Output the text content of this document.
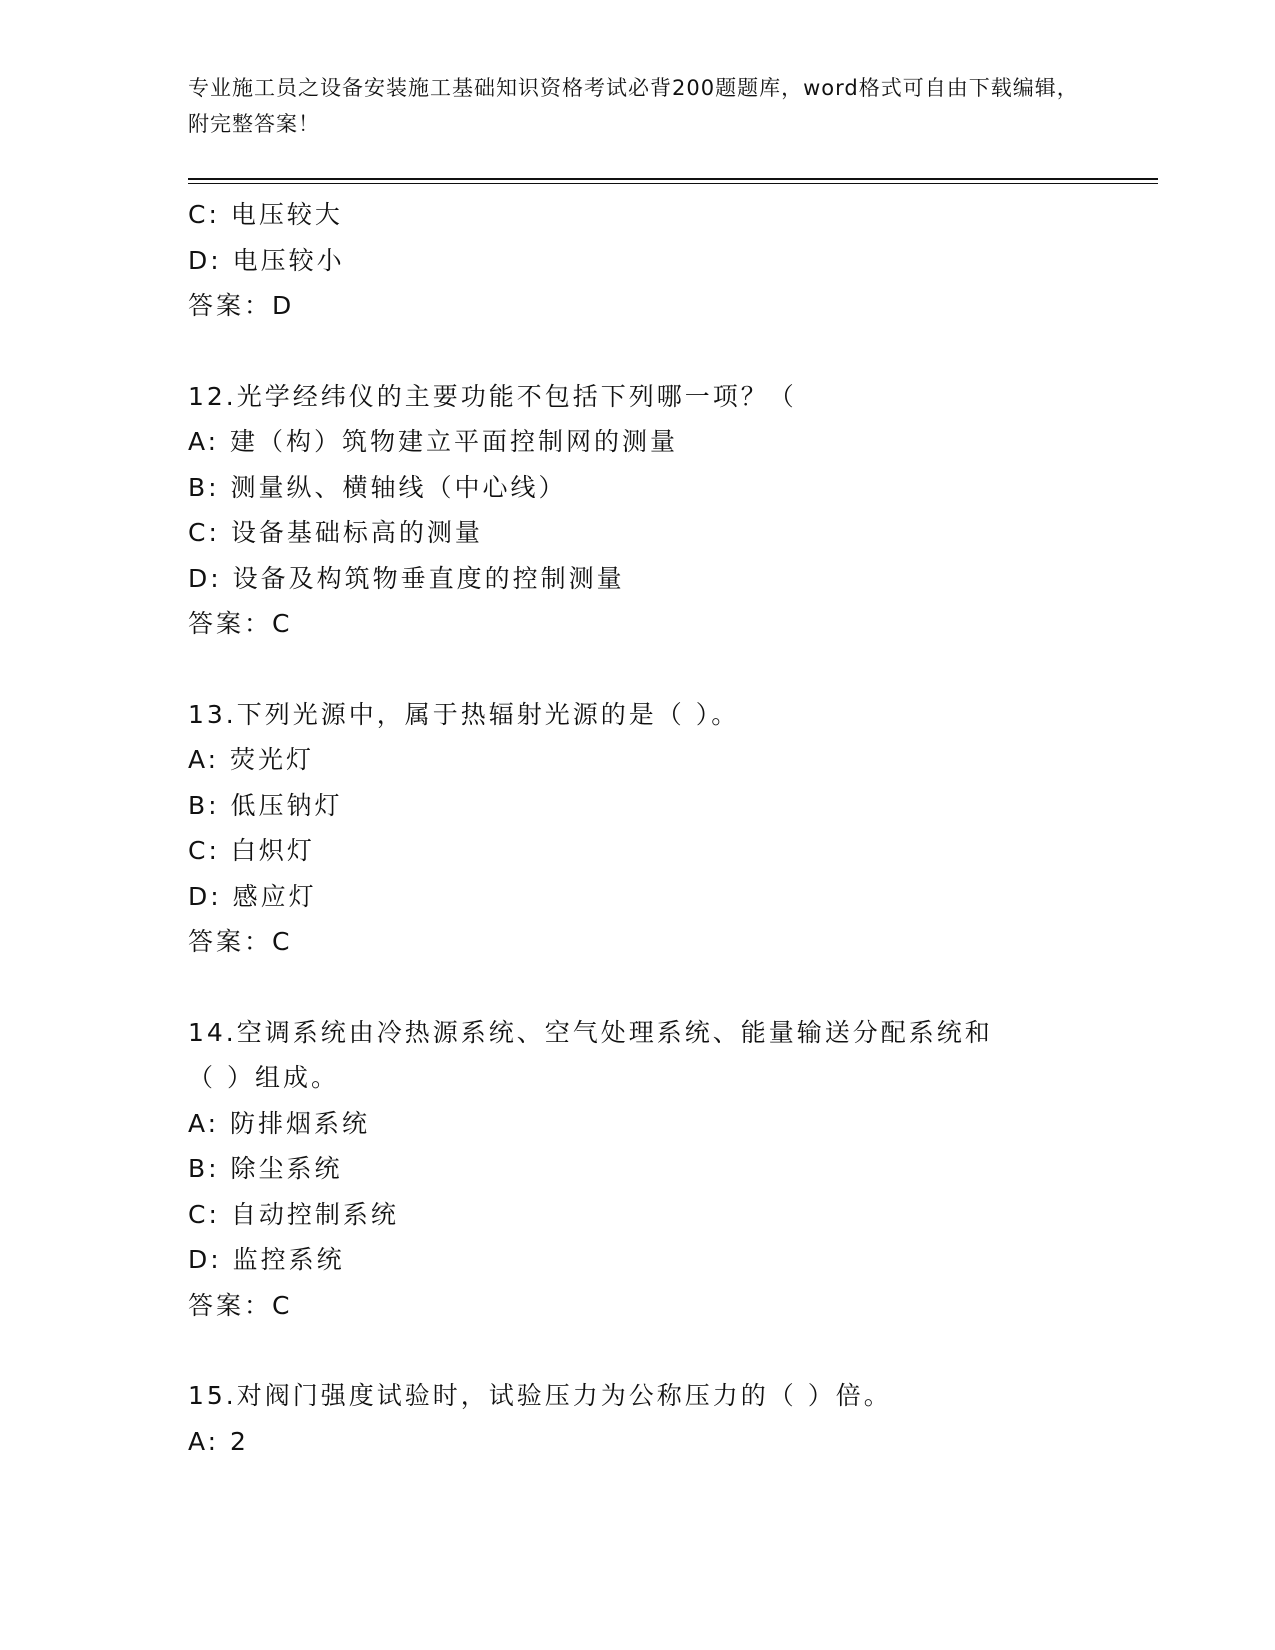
专业施工员之设备安装施工基础知识资格考试必背200题题库，word格式可自由下载编辑，附完整答案！
C: 电压较大
D: 电压较小
答案：D
12.光学经纬仪的主要功能不包括下列哪一项？（
A: 建（构）筑物建立平面控制网的测量
B: 测量纵、横轴线（中心线）
C: 设备基础标高的测量
D: 设备及构筑物垂直度的控制测量
答案：C
13.下列光源中，属于热辐射光源的是（ ）。
A: 荧光灯
B: 低压钠灯
C: 白炽灯
D: 感应灯
答案：C
14.空调系统由冷热源系统、空气处理系统、能量输送分配系统和（ ）组成。
A: 防排烟系统
B: 除尘系统
C: 自动控制系统
D: 监控系统
答案：C
15.对阀门强度试验时，试验压力为公称压力的（ ）倍。
A: 2
